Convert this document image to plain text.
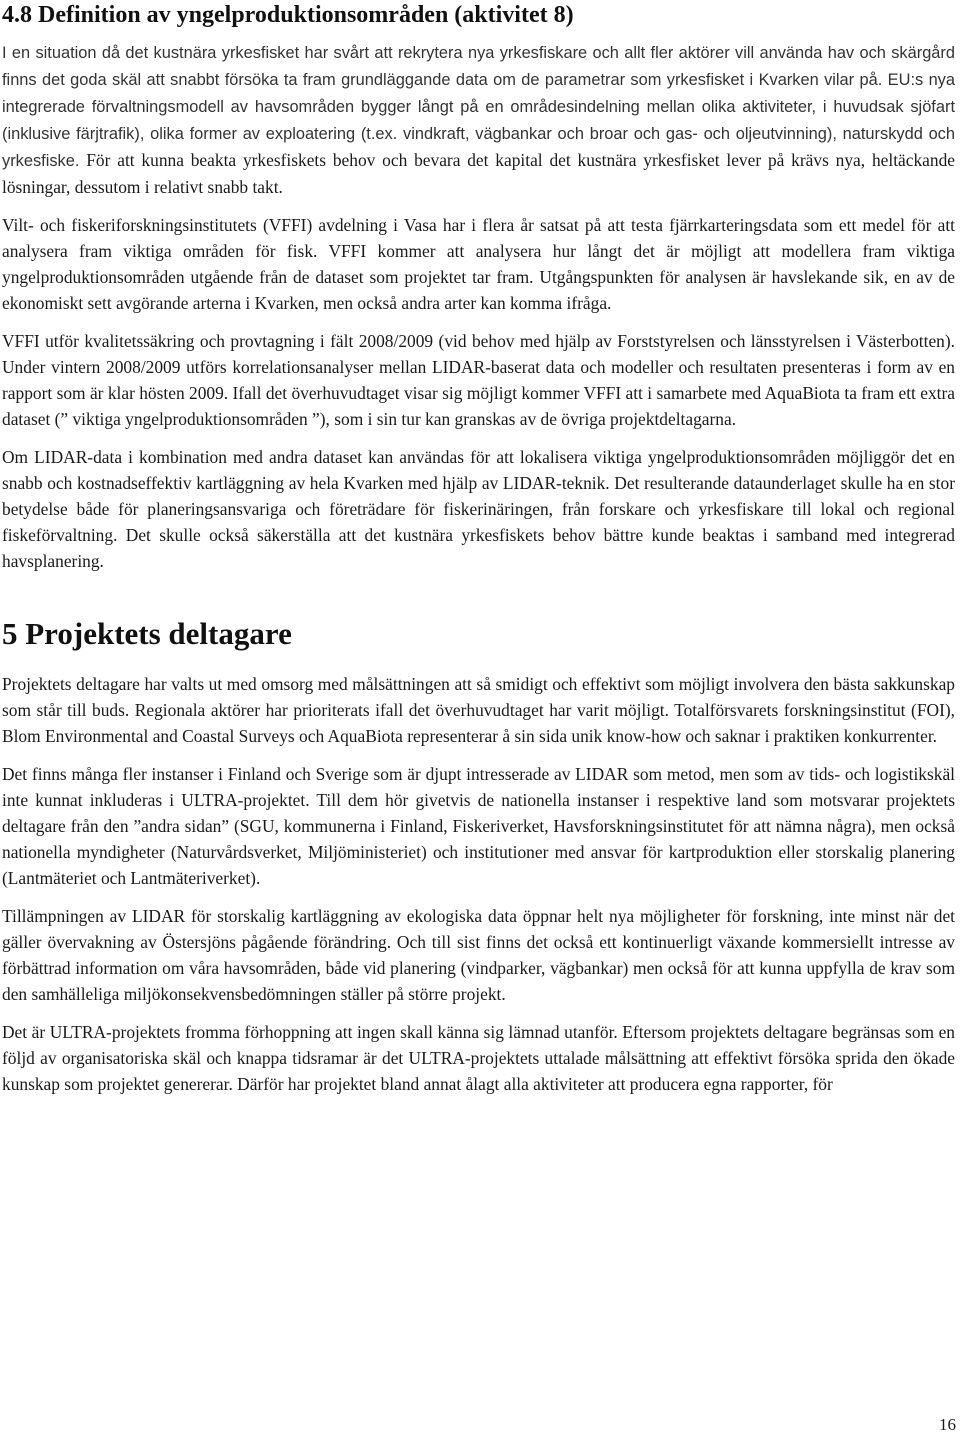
4.8 Definition av yngelproduktionsområden (aktivitet 8)

I en situation då det kustnära yrkesfisket har svårt att rekrytera nya yrkesfiskare och allt fler aktörer vill använda hav och skärgård finns det goda skäl att snabbt försöka ta fram grundläggande data om de parametrar som yrkesfisket i Kvarken vilar på. EU:s nya integrerade förvaltningsmodell av havsområden bygger långt på en områdesindelning mellan olika aktiviteter, i huvudsak sjöfart (inklusive färjtrafik), olika former av exploatering (t.ex. vindkraft, vägbankar och broar och gas- och oljeutvinning), naturskydd och yrkesfiske. För att kunna beakta yrkesfiskets behov och bevara det kapital det kustnära yrkesfisket lever på krävs nya, heltäckande lösningar, dessutom i relativt snabb takt.

Vilt- och fiskeriforskningsinstitutets (VFFI) avdelning i Vasa har i flera år satsat på att testa fjärrkarteringsdata som ett medel för att analysera fram viktiga områden för fisk. VFFI kommer att analysera hur långt det är möjligt att modellera fram viktiga yngelproduktionsområden utgående från de dataset som projektet tar fram. Utgångspunkten för analysen är havslekande sik, en av de ekonomiskt sett avgörande arterna i Kvarken, men också andra arter kan komma ifråga.

VFFI utför kvalitetssäkring och provtagning i fält 2008/2009 (vid behov med hjälp av Forststyrelsen och länsstyrelsen i Västerbotten). Under vintern 2008/2009 utförs korrelationsanalyser mellan LIDAR-baserat data och modeller och resultaten presenteras i form av en rapport som är klar hösten 2009. Ifall det överhuvudtaget visar sig möjligt kommer VFFI att i samarbete med AquaBiota ta fram ett extra dataset (” viktiga yngelproduktionsområden ”), som i sin tur kan granskas av de övriga projektdeltagarna.

Om LIDAR-data i kombination med andra dataset kan användas för att lokalisera viktiga yngelproduktionsområden möjliggör det en snabb och kostnadseffektiv kartläggning av hela Kvarken med hjälp av LIDAR-teknik. Det resulterande dataunderlaget skulle ha en stor betydelse både för planeringsansvariga och företrädare för fiskerinäringen, från forskare och yrkesfiskare till lokal och regional fiskeförvaltning. Det skulle också säkerställa att det kustnära yrkesfiskets behov bättre kunde beaktas i samband med integrerad havsplanering.

5 Projektets deltagare

Projektets deltagare har valts ut med omsorg med målsättningen att så smidigt och effektivt som möjligt involvera den bästa sakkunskap som står till buds. Regionala aktörer har prioriterats ifall det överhuvudtaget har varit möjligt. Totalförsvarets forskningsinstitut (FOI), Blom Environmental and Coastal Surveys och AquaBiota representerar å sin sida unik know-how och saknar i praktiken konkurrenter.

Det finns många fler instanser i Finland och Sverige som är djupt intresserade av LIDAR som metod, men som av tids- och logistikskäl inte kunnat inkluderas i ULTRA-projektet. Till dem hör givetvis de nationella instanser i respektive land som motsvarar projektets deltagare från den ”andra sidan” (SGU, kommunerna i Finland, Fiskeriverket, Havsforskningsinstitutet för att nämna några), men också nationella myndigheter (Naturvårdsverket, Miljöministeriet) och institutioner med ansvar för kartproduktion eller storskalig planering (Lantmäteriet och Lantmäteriverket).

Tillämpningen av LIDAR för storskalig kartläggning av ekologiska data öppnar helt nya möjligheter för forskning, inte minst när det gäller övervakning av Östersjöns pågående förändring. Och till sist finns det också ett kontinuerligt växande kommersiellt intresse av förbättrad information om våra havsområden, både vid planering (vindparker, vägbankar) men också för att kunna uppfylla de krav som den samhälleliga miljökonsekvensbedömningen ställer på större projekt.

Det är ULTRA-projektets fromma förhoppning att ingen skall känna sig lämnad utanför. Eftersom projektets deltagare begränsas som en följd av organisatoriska skäl och knappa tidsramar är det ULTRA-projektets uttalade målsättning att effektivt försöka sprida den ökade kunskap som projektet genererar. Därför har projektet bland annat ålagt alla aktiviteter att producera egna rapporter, för

16
